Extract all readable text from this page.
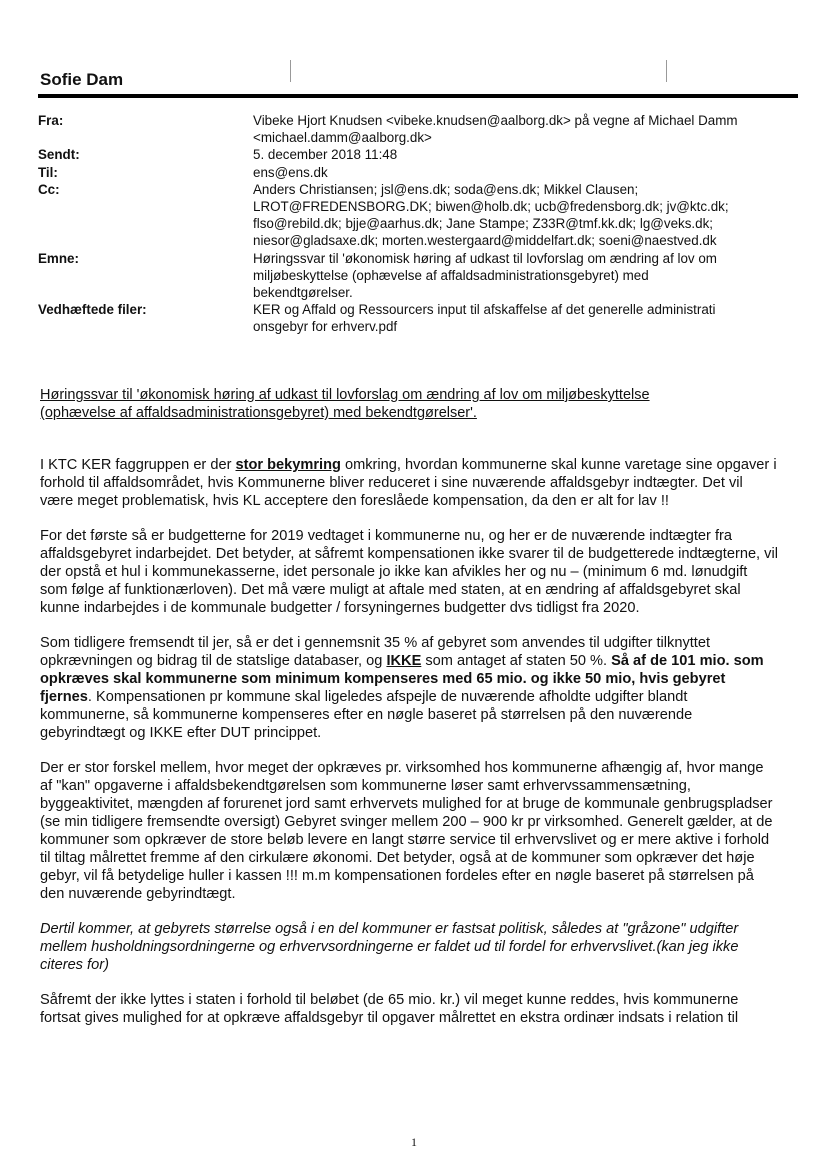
Sofie Dam
Fra:	Vibeke Hjort Knudsen <vibeke.knudsen@aalborg.dk> på vegne af Michael Damm
<michael.damm@aalborg.dk>
Sendt:	5. december 2018 11:48
Til:	ens@ens.dk
Cc:	Anders Christiansen; jsl@ens.dk; soda@ens.dk; Mikkel Clausen;
LROT@FREDENSBORG.DK; biwen@holb.dk; ucb@fredensborg.dk; jv@ktc.dk;
flso@rebild.dk; bjje@aarhus.dk; Jane Stampe; Z33R@tmf.kk.dk; lg@veks.dk;
niesor@gladsaxe.dk; morten.westergaard@middelfart.dk; soeni@naestved.dk
Emne:	Høringssvar til 'økonomisk høring af udkast til lovforslag om ændring af lov om
miljøbeskyttelse (ophævelse af affaldsadministrationsgebyret) med
bekendtgørelser.
Vedhæftede filer:	KER og Affald og Ressourcers input til afskaffelse af det generelle administrati
onsgebyr for erhverv.pdf
Høringssvar til 'økonomisk høring af udkast til lovforslag om ændring af lov om miljøbeskyttelse
(ophævelse af affaldsadministrationsgebyret) med bekendtgørelser'.

I KTC KER faggruppen er der stor bekymring omkring, hvordan kommunerne skal kunne varetage sine opgaver i forhold til affaldsområdet, hvis Kommunerne bliver reduceret i sine nuværende affaldsgebyr indtægter. Det vil være meget problematisk, hvis KL acceptere den foreslåede kompensation, da den er alt for lav !!

For det første så er budgetterne for 2019 vedtaget i kommunerne nu, og her er de nuværende indtægter fra affaldsgebyret indarbejdet. Det betyder, at såfremt kompensationen ikke svarer til de budgetterede indtægterne, vil der opstå et hul i kommunekasserne, idet personale jo ikke kan afvikles her og nu – (minimum 6 md. lønudgift som følge af funktionærloven). Det må være muligt at aftale med staten, at en ændring af affaldsgebyret skal kunne indarbejdes i de kommunale budgetter / forsyningernes budgetter dvs tidligst fra 2020.

Som tidligere fremsendt til jer, så er det i gennemsnit 35 % af gebyret som anvendes til udgifter tilknyttet opkrævningen og bidrag til de statslige databaser, og IKKE som antaget af staten 50 %. Så af de 101 mio. som opkræves skal kommunerne som minimum kompenseres med 65 mio. og ikke 50 mio, hvis gebyret fjernes. Kompensationen pr kommune skal ligeledes afspejle de nuværende afholdte udgifter blandt kommunerne, så kommunerne kompenseres efter en nøgle baseret på størrelsen på den nuværende gebyrindtægt og IKKE efter DUT princippet.

Der er stor forskel mellem, hvor meget der opkræves pr. virksomhed hos kommunerne afhængig af, hvor mange af "kan" opgaverne i affaldsbekendtgørelsen som kommunerne løser samt erhvervssammensætning, byggeaktivitet, mængden af forurenet jord samt erhvervets mulighed for at bruge de kommunale genbrugspladser (se min tidligere fremsendte oversigt) Gebyret svinger mellem 200 – 900 kr pr virksomhed. Generelt gælder, at de kommuner som opkræver de store beløb levere en langt større service til erhvervslivet og er mere aktive i forhold til tiltag målrettet fremme af den cirkulære økonomi. Det betyder, også at de kommuner som opkræver det høje gebyr, vil få betydelige huller i kassen !!! m.m kompensationen fordeles efter en nøgle baseret på størrelsen på den nuværende gebyrindtægt.

Dertil kommer, at gebyrets størrelse også i en del kommuner er fastsat politisk, således at "gråzone" udgifter mellem husholdningsordningerne og erhvervsordningerne er faldet ud til fordel for erhvervslivet.(kan jeg ikke citeres for)

Såfremt der ikke lyttes i staten i forhold til beløbet (de 65 mio. kr.) vil meget kunne reddes, hvis kommunerne fortsat gives mulighed for at opkræve affaldsgebyr til opgaver målrettet en ekstra ordinær indsats i relation til

1
